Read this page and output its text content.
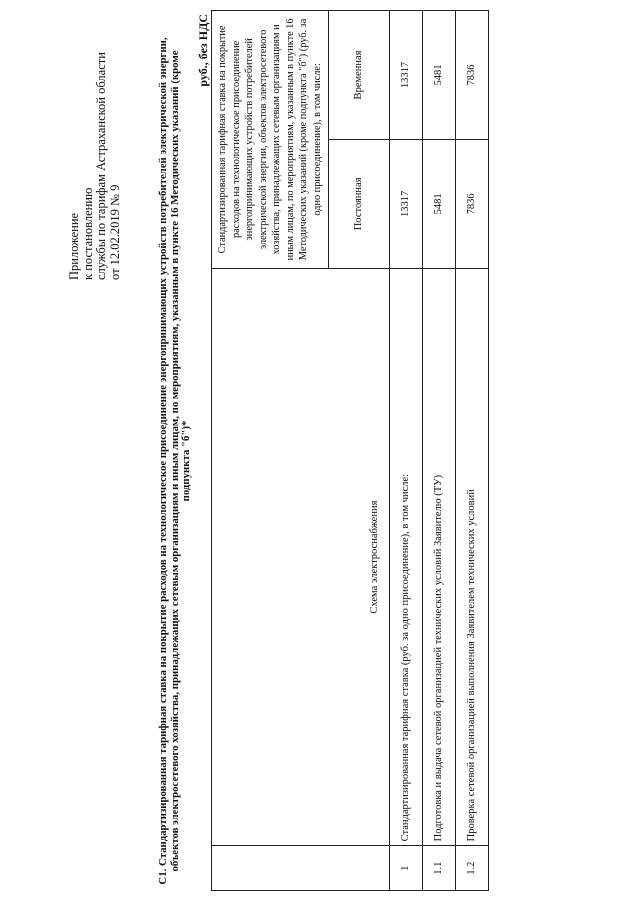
Приложение к постановлению службы по тарифам Астраханской области от 12.02.2019 № 9	С1. Стандартизированная тарифная ставка на покрытие расходов на технологическое присоединение энергопринимающих устройств потребителей электрической энергии, объектов электросетевого хозяйства, принадлежащих сетевым организациям и иным лицам, по мероприятиям, указанным в пункте 16 Методических указаний (кроме подпункта "б")*
руб., без НДС
	Схема электроснабжения	Стандартизированная тарифная ставка на покрытие расходов на технологическое присоединение энергопринимающих устройств потребителей электрической энергии, объектов электросетевого хозяйства, принадлежащих сетевым организациям и иным лицам, по мероприятиям, указанным в пункте 16 Методических указаний (кроме подпункта "б") (руб. за одно присоединение), в том числе:	
		Постоянная	Временная
1	Стандартизированная тарифная ставка (руб. за одно присоединение), в том числе:	13317	13317
1.1	Подготовка и выдача сетевой организацией технических условий Заявителю (ТУ)	5481	5481
1.2	Проверка сетевой организацией выполнения Заявителем технических условий	7836	7836
